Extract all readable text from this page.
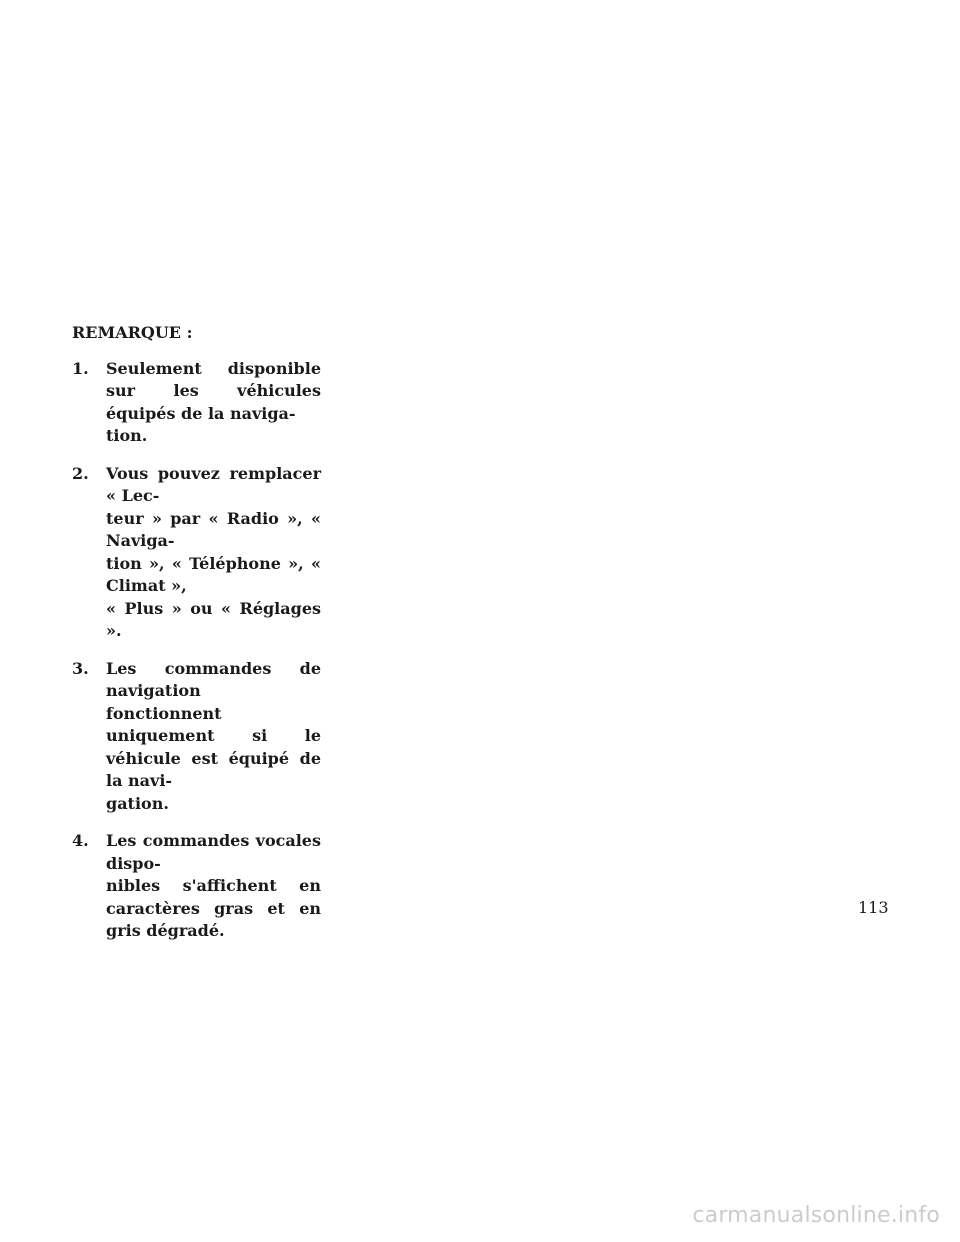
REMARQUE :
1.	Seulement disponible sur les véhicules équipés de la naviga-
tion.
2.	Vous pouvez remplacer « Lec-
teur » par « Radio », « Naviga-
tion », « Téléphone », « Climat »,
« Plus » ou « Réglages ».
3.	Les commandes de navigation fonctionnent uniquement si le véhicule est équipé de la navi-
gation.
4.	Les commandes vocales dispo-
nibles s'affichent en caractères gras et en gris dégradé.
113
carmanualsonline.info
